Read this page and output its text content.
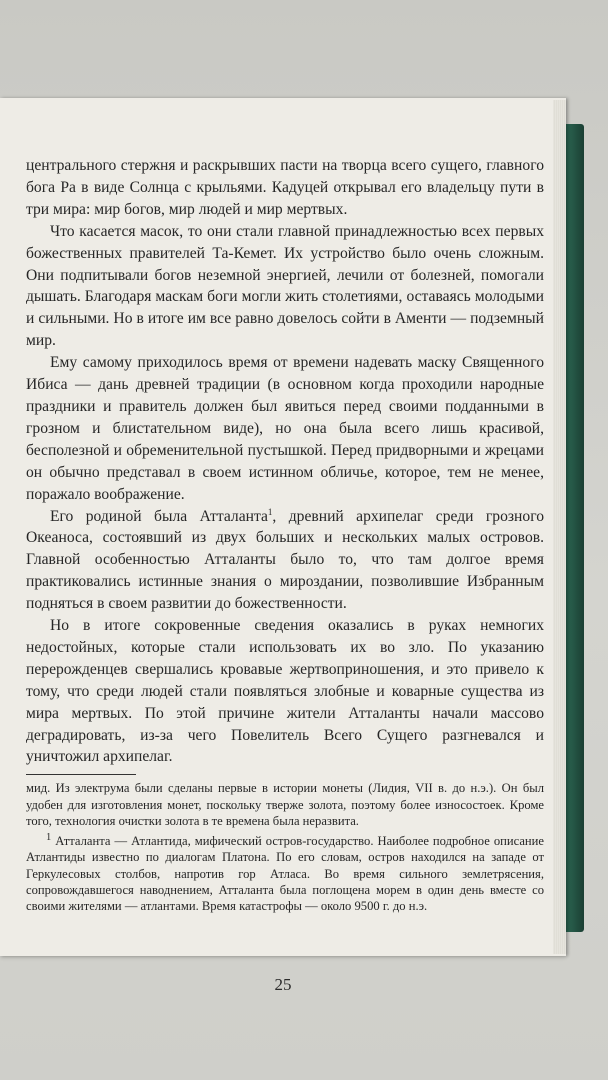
центрального стержня и раскрывших пасти на творца всего сущего, главного бога Ра в виде Солнца с крыльями. Кадуцей открывал его владельцу пути в три мира: мир богов, мир людей и мир мертвых.

Что касается масок, то они стали главной принадлежностью всех первых божественных правителей Та-Кемет. Их устройство было очень сложным. Они подпитывали богов неземной энергией, лечили от болезней, помогали дышать. Благодаря маскам боги могли жить столетиями, оставаясь молодыми и сильными. Но в итоге им все равно довелось сойти в Аменти — подземный мир.

Ему самому приходилось время от времени надевать маску Священного Ибиса — дань древней традиции (в основном когда проходили народные праздники и правитель должен был явиться перед своими подданными в грозном и блистательном виде), но она была всего лишь красивой, бесполезной и обременительной пустышкой. Перед придворными и жрецами он обычно представал в своем истинном обличье, которое, тем не менее, поражало воображение.

Его родиной была Атталанта$^1$, древний архипелаг среди грозного Океаноса, состоявший из двух больших и нескольких малых островов. Главной особенностью Атталанты было то, что там долгое время практиковались истинные знания о мироздании, позволившие Избранным подняться в своем развитии до божественности.

Но в итоге сокровенные сведения оказались в руках немногих недостойных, которые стали использовать их во зло. По указанию перерожденцев свершались кровавые жертвоприношения, и это привело к тому, что среди людей стали появляться злобные и коварные существа из мира мертвых. По этой причине жители Атталанты начали массово деградировать, из-за чего Повелитель Всего Сущего разгневался и уничтожил архипелаг.

мид. Из электрума были сделаны первые в истории монеты (Лидия, VII в. до н.э.). Он был удобен для изготовления монет, поскольку тверже золота, поэтому более износостоек. Кроме того, технология очистки золота в те времена была неразвита.

$^1$ Атталанта — Атлантида, мифический остров-государство. Наиболее подробное описание Атлантиды известно по диалогам Платона. По его словам, остров находился на западе от Геркулесовых столбов, напротив гор Атласа. Во время сильного землетрясения, сопровождавшегося наводнением, Атталанта была поглощена морем в один день вместе со своими жителями — атлантами. Время катастрофы — около 9500 г. до н.э.

25
